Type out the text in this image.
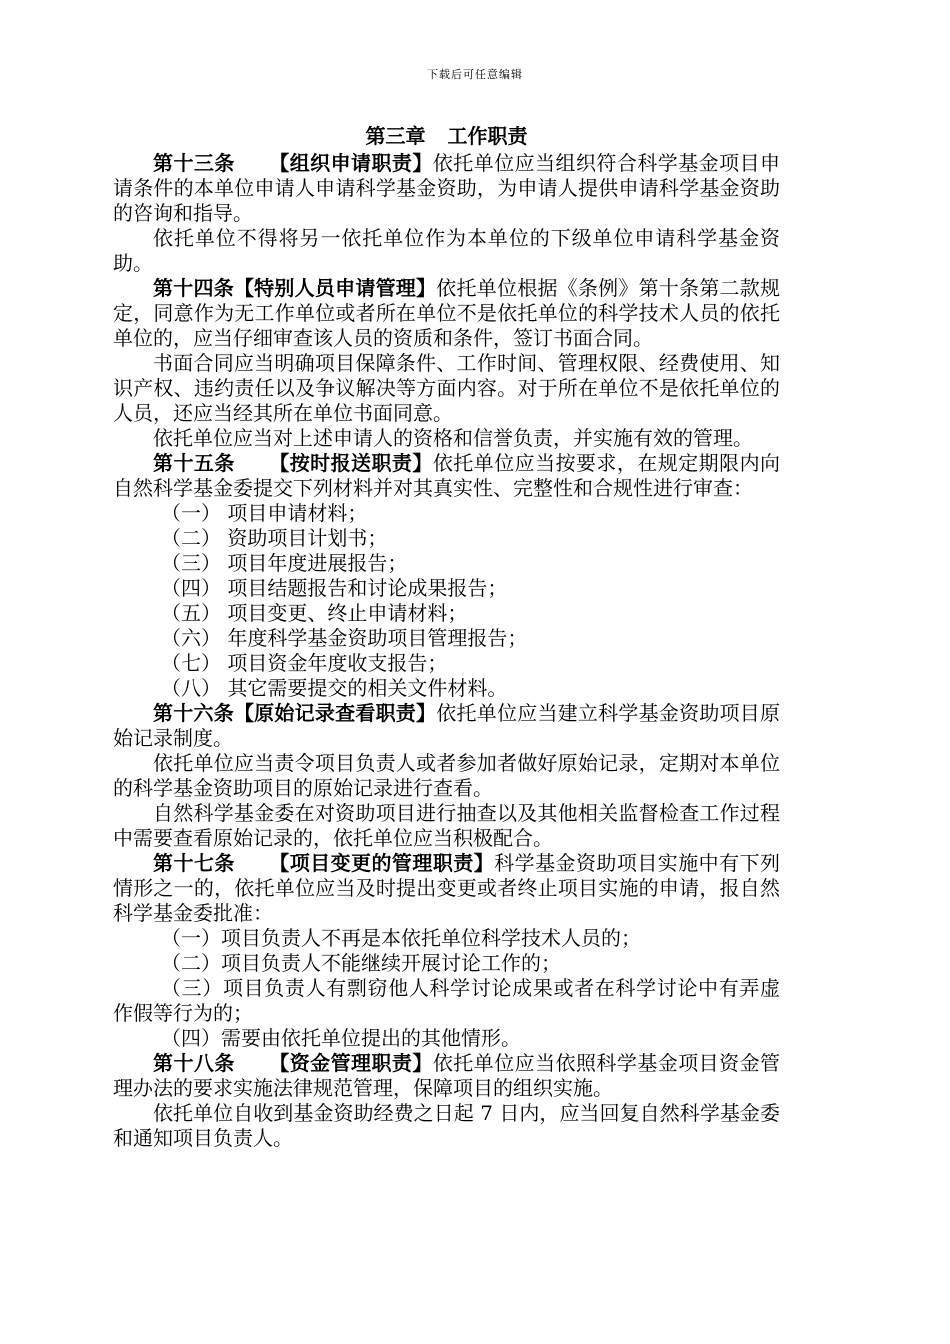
下载后可任意编辑
第三章 工作职责

第十三条 【组织申请职责】依托单位应当组织符合科学基金项目申请条件的本单位申请人申请科学基金资助，为申请人提供申请科学基金资助的咨询和指导。

依托单位不得将另一依托单位作为本单位的下级单位申请科学基金资助。

第十四条【特别人员申请管理】依托单位根据《条例》第十条第二款规定，同意作为无工作单位或者所在单位不是依托单位的科学技术人员的依托单位的，应当仔细审查该人员的资质和条件，签订书面合同。

书面合同应当明确项目保障条件、工作时间、管理权限、经费使用、知识产权、违约责任以及争议解决等方面内容。对于所在单位不是依托单位的人员，还应当经其所在单位书面同意。

依托单位应当对上述申请人的资格和信誉负责，并实施有效的管理。

第十五条 【按时报送职责】依托单位应当按要求，在规定期限内向自然科学基金委提交下列材料并对其真实性、完整性和合规性进行审查：

（一） 项目申请材料；

（二） 资助项目计划书；

（三） 项目年度进展报告；

（四） 项目结题报告和讨论成果报告；

（五） 项目变更、终止申请材料；

（六） 年度科学基金资助项目管理报告；

（七） 项目资金年度收支报告；

（八） 其它需要提交的相关文件材料。

第十六条【原始记录查看职责】依托单位应当建立科学基金资助项目原始记录制度。

依托单位应当责令项目负责人或者参加者做好原始记录，定期对本单位的科学基金资助项目的原始记录进行查看。

自然科学基金委在对资助项目进行抽查以及其他相关监督检查工作过程中需要查看原始记录的，依托单位应当积极配合。

第十七条 【项目变更的管理职责】科学基金资助项目实施中有下列情形之一的，依托单位应当及时提出变更或者终止项目实施的申请，报自然科学基金委批准：

（一）项目负责人不再是本依托单位科学技术人员的；

（二）项目负责人不能继续开展讨论工作的；

（三）项目负责人有剽窃他人科学讨论成果或者在科学讨论中有弄虚作假等行为的；

（四）需要由依托单位提出的其他情形。

第十八条 【资金管理职责】依托单位应当依照科学基金项目资金管理办法的要求实施法律规范管理，保障项目的组织实施。

依托单位自收到基金资助经费之日起 7 日内，应当回复自然科学基金委和通知项目负责人。
